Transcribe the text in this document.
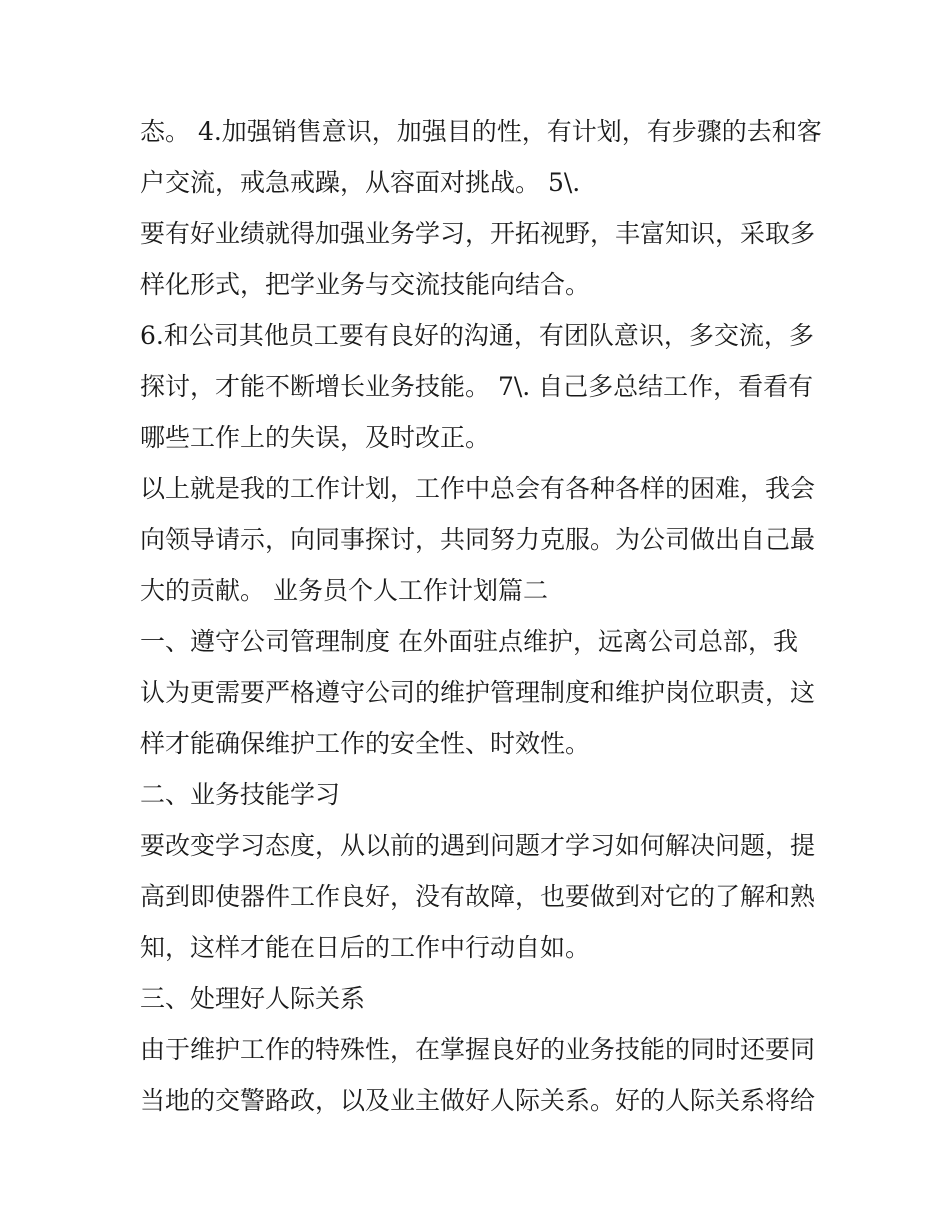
态。 4.加强销售意识，加强目的性，有计划，有步骤的去和客
户交流，戒急戒躁，从容面对挑战。 5\.
要有好业绩就得加强业务学习，开拓视野，丰富知识，采取多
样化形式，把学业务与交流技能向结合。
6.和公司其他员工要有良好的沟通，有团队意识，多交流，多
探讨，才能不断增长业务技能。 7\. 自己多总结工作，看看有
哪些工作上的失误，及时改正。
以上就是我的工作计划，工作中总会有各种各样的困难，我会
向领导请示，向同事探讨，共同努力克服。为公司做出自己最
大的贡献。 业务员个人工作计划篇二
一、遵守公司管理制度 在外面驻点维护，远离公司总部，我
认为更需要严格遵守公司的维护管理制度和维护岗位职责，这
样才能确保维护工作的安全性、时效性。
二、业务技能学习
要改变学习态度，从以前的遇到问题才学习如何解决问题，提
高到即使器件工作良好，没有故障，也要做到对它的了解和熟
知，这样才能在日后的工作中行动自如。
三、处理好人际关系
由于维护工作的特殊性，在掌握良好的业务技能的同时还要同
当地的交警路政，以及业主做好人际关系。好的人际关系将给
